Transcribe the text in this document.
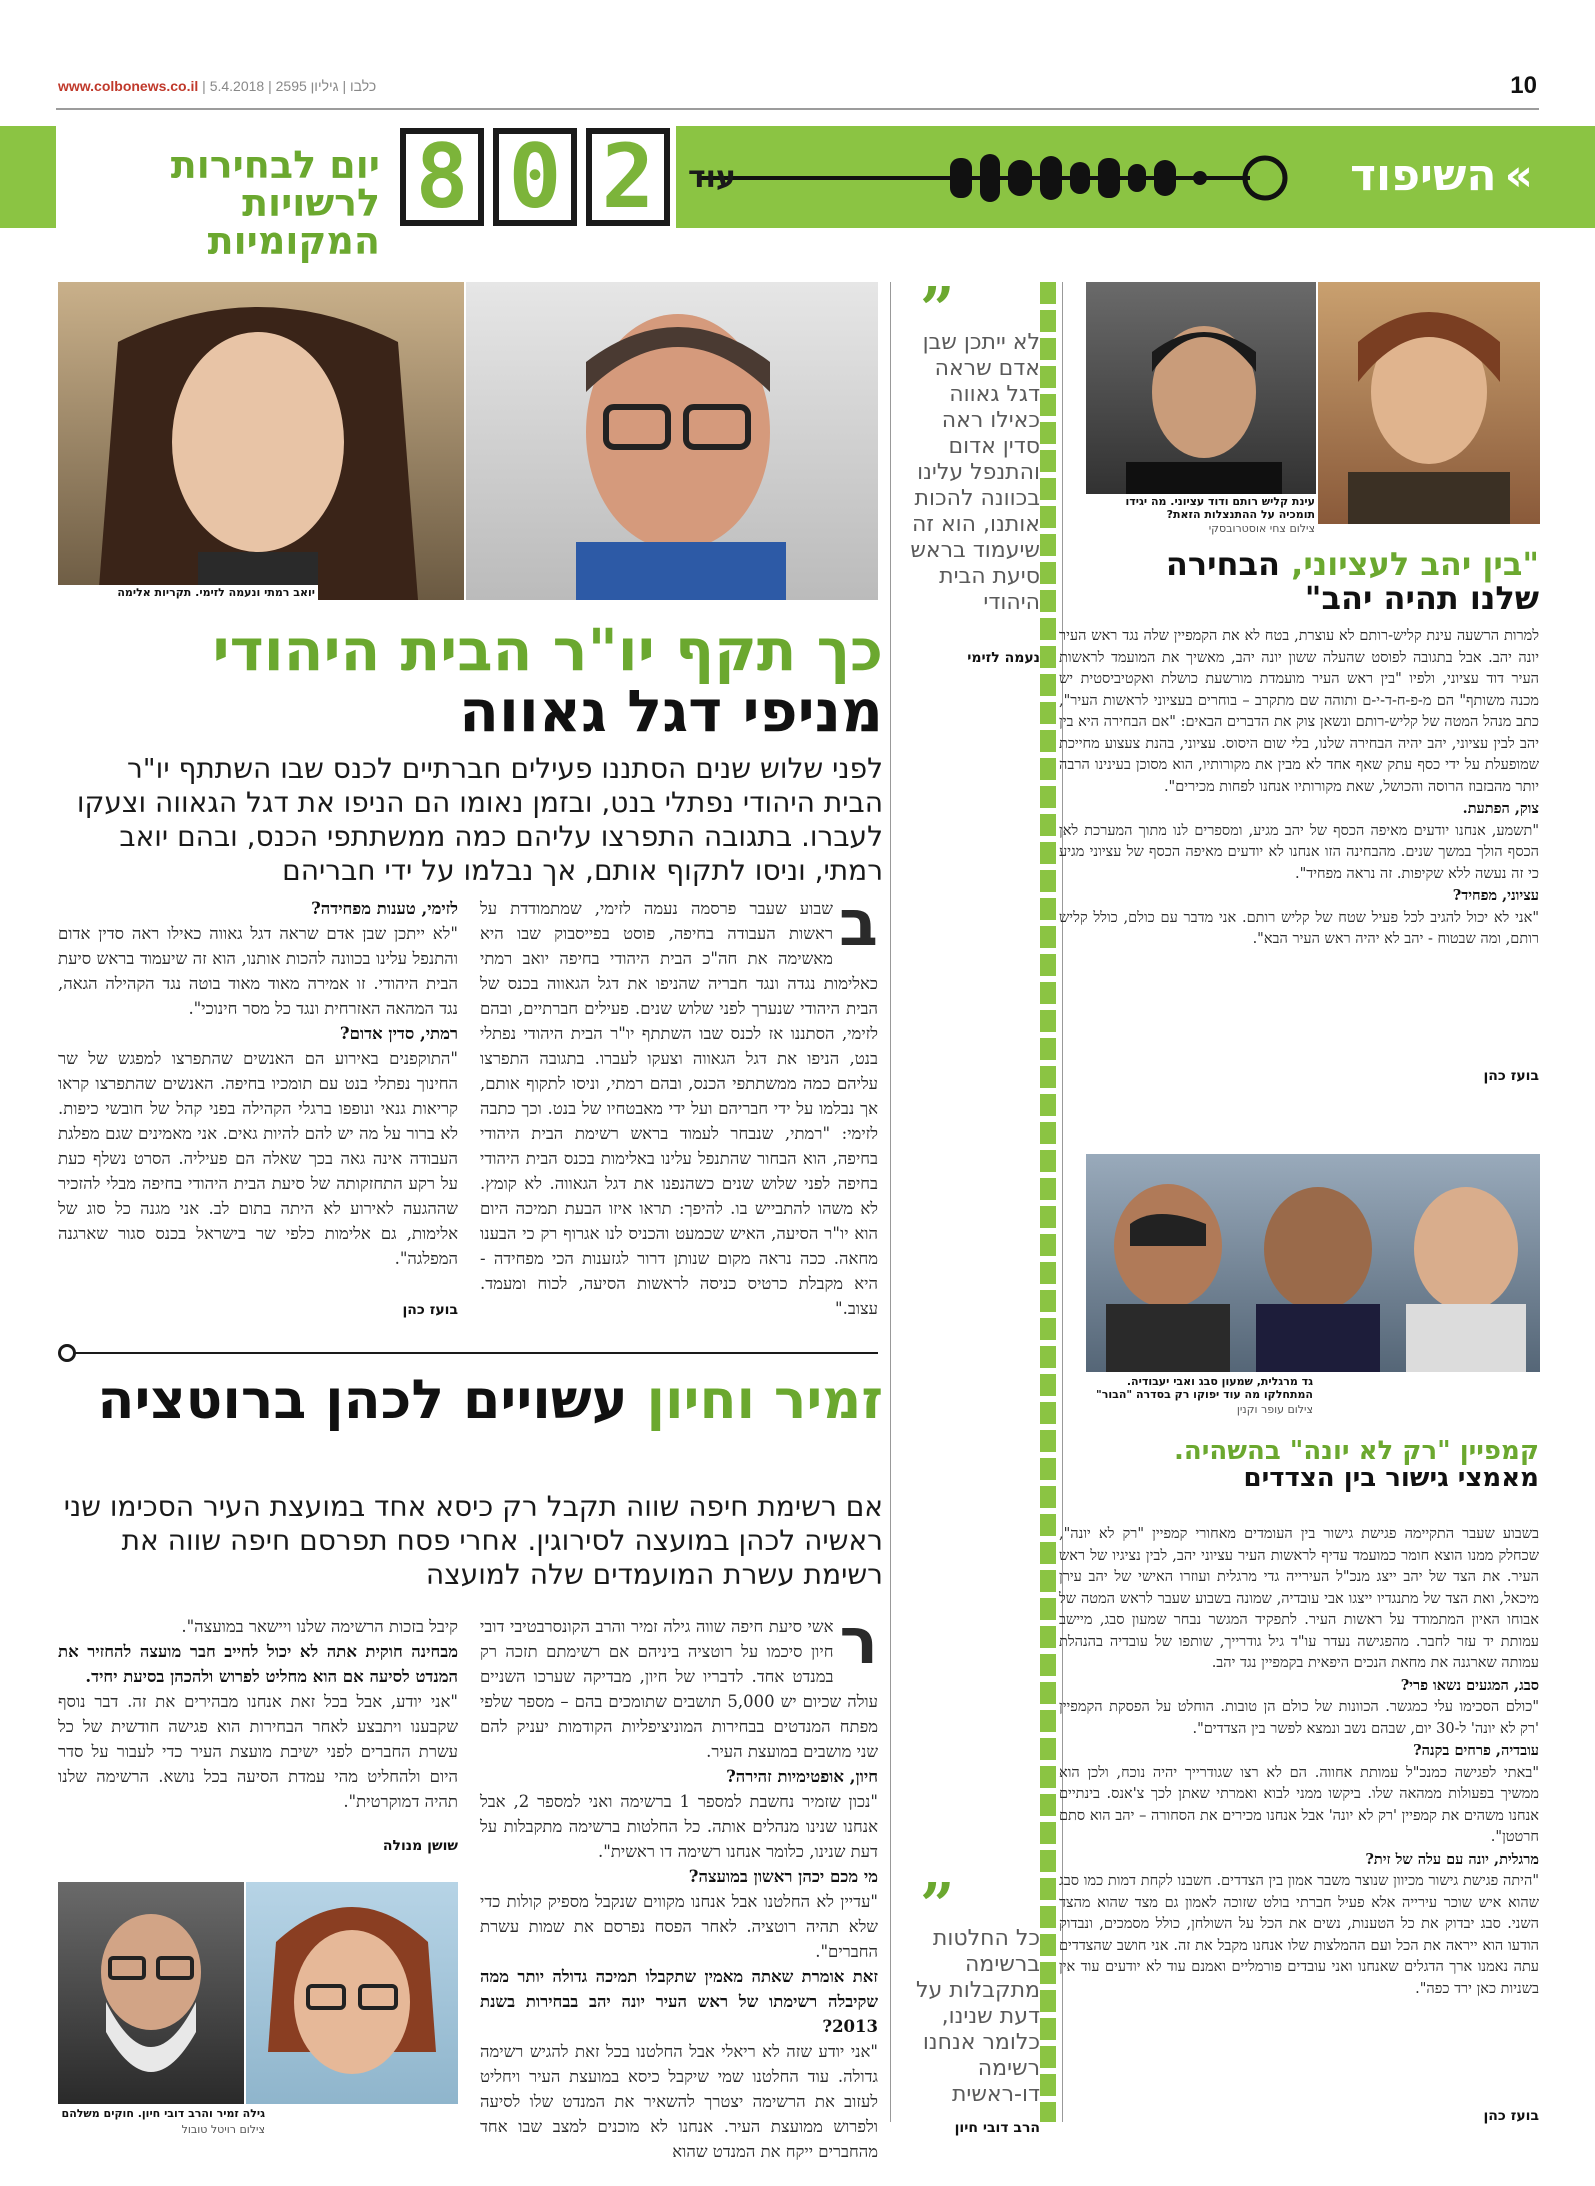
www.colbonews.co.il | כלבו | גיליון 2595 | 5.4.2018	10
»השיפוד
עוד
2
0
8
יום לבחירות
לרשויות המקומיות
עינת קליש רותם ודוד עציוני. מה יגידו תומכיה על ההתנצלות הזאת?
צילום צחי אוסטרובסקי
"בין יהב לעציוני, הבחירה
שלנו תהיה יהב"

למרות הרשעה עינת קליש-רותם לא עוצרת, בטח לא את הקמפיין שלה נגד ראש העיר יונה יהב. אבל בתגובה לפוסט שהעלה ששון יונה יהב, מאשיך את המועמד לראשות העיר דוד עציוני, ולפיו "בין ראש העיר מועמדת מורשעת כושלת ואקטיביסטית יש מכנה משותף" הם מ-פ-ח-ד-י-ם ותוהה שם מתקרב – בוחרים בעציוני לראשות העיר", כתב מנהל המטה של קליש-רותם ונשאן צוק את הדברים הבאים: "אם הבחירה היא בין יהב לבין עציוני, יהב יהיה הבחירה שלנו, בלי שום היסוס. עציוני, בהנת צעצוע מחייכת שמופעלת על ידי כסף עתק שאף אחד לא מבין את מקורותיו, הוא מסוכן בעינינו הרבה יותר מהבזבוז הרוסה והכושל, שאת מקורותיו אנחנו לפחות מכירים".

צוק, הפתעת.

"תשמע, אנחנו יודעים מאיפה הכסף של יהב מגיע, ומספרים לנו מתוך המערכת לאן הכסף הולך במשך שנים. מהבחינה הזו אנחנו לא יודעים מאיפה הכסף של עציוני מגיע כי זה נעשה ללא שקיפות. זה נראה מפחיד".

עציוני, מפחיד?

"אני לא יכול להגיב לכל פעיל שטח של קליש רותם. אני מדבר עם כולם, כולל קליש רותם, ומה שבטוח - יהב לא יהיה ראש העיר הבא".

בועז כהן
גד מרגלית, שמעון סבג ואבי יעבודיה. המתחלקו מה עוד יפוקו רק בסדרה "הבור"
צילום עופר וקנין
קמפיין "רק לא יונה" בהשהיה.
מאמצי גישור בין הצדדים

בשבוע שעבר התקיימה פגישת גישור בין העומדים מאחורי קמפיין "רק לא יונה", שכחלק ממנו הוצא חומר כמועמד עדיף לראשות העיר עציוני יהב, לבין נציגיו של ראש העיר. את הצד של יהב ייצג מנכ"ל העירייה גדי מרגלית ועוזרו האישי של יהב עירן מיכאל, ואת הצד של מתנגדיו ייצגו אבי עובדיה, שמונה בשבוע שעבר לראש המטה של אבוחו האיון המתמודד על ראשות העיר. לתפקיד המגשר נבחר שמעון סבג, מיישב עמותת יד עזר לחבר. מהפגישה נעדר עו"ד גיל גודרייך, שותפו של עובדיה בהנהלת עמותה שארגנה את מחאת הנכים היפאית בקמפיין נגד יהב.

סבג, המגעים נשאו פרי?

"כולם הסכימו עלי כמגשר. הכוונות של כולם הן טובות. הוחלט על הפסקת הקמפיין 'רק לא יונה' ל-30 יום, שבהם נשב ונמצא לפשר בין הצדדים".

עובדיה, פרחים בקנה?

"באתי לפגישה כמנכ"ל עמותת אחווה. הם לא רצו שגודרייך יהיה נוכח, ולכן הוא ממשיך בפעולות ממהאה שלו. ביקשו ממני לבוא ואמרתי שאתן לכך צ'אנס. בינתיים אנחנו משהים את קמפיין 'רק לא יונה' אבל אנחנו מכירים את הסחורה – יהב הוא סתם חרטטן".

מרגלית, יונה עם עלה של זית?

"היתה פגישת גישור מכיוון שנוצר משבר אמון בין הצדדים. חשבנו לקחת דמות כמו סבג שהוא איש שוכר עירייה אלא פעיל חברתי בולט שזוכה לאמון גם מצד שהוא מהצד השני. סבג יבדוק את כל הטענות, נשים את הכל על השולחן, כולל מסמכים, ונבדוק הודעו הוא ייראה את הכל ועם ההמלצות שלו אנחנו מקבל את זה. אני חושב שהצדדים עתה נאמנו ארך הדגלים שאנחנו ואני עובדים פורמליים ואמנם עוד לא יודעים עוד אין בשניות כאן ירד כפה".

בועז כהן
”
לא ייתכן שבן אדם שראה דגל גאווה כאילו ראה סדין אדום והתנפל עלינו בכוונה להכות אותנו, הוא זה שיעמוד בראש סיעת הבית היהודי
נעמה לזימי
יואב רמתי ונעמה לזימי. תקריות אלימה
כך תקף יו"ר הבית היהודי
מניפי דגל גאווה
לפני שלוש שנים הסתננו פעילים חברתיים לכנס שבו השתתף יו"ר הבית היהודי נפתלי בנט, ובזמן נאומו הם הניפו את דגל הגאווה וצעקו לעברו. בתגובה התפרצו עליהם כמה ממשתתפי הכנס, ובהם יואב רמתי, וניסו לתקוף אותם, אך נבלמו על ידי חבריהם
ב
שבוע שעבר פרסמה נעמה לזימי, שמתמודדת על ראשות העבודה בחיפה, פוסט בפייסבוק שבו היא מאשימה את חה"כ הבית היהודי בחיפה יואב רמתי כאלימות נגדה ונגד חבריה שהניפו את דגל הגאווה בכנס של הבית היהודי שנערך לפני שלוש שנים. פעילים חברתיים, ובהם לזימי, הסתננו אז לכנס שבו השתתף יו"ר הבית היהודי נפתלי בנט, הניפו את דגל הגאווה וצעקו לעברו. בתגובה התפרצו עליהם כמה ממשתתפי הכנס, ובהם רמתי, וניסו לתקוף אותם, אך נבלמו על ידי חבריהם ועל ידי מאבטחיו של בנט. וכך כתבה לזימי: "רמתי, שנבחר לעמוד בראש רשימת הבית היהודי בחיפה, הוא הבחור שהתנפל עלינו באלימות בכנס הבית היהודי בחיפה לפני שלוש שנים כשהנפנו את דגל הגאווה. לא קומץ. לא משהו להתבייש בו. להיפך: תראו איזו הבעת תמיכה היום הוא יו"ר הסיעה, האיש שכמעט והכניס לנו אגרוף רק כי הבענו מחאה. ככה נראה מקום שנותן דרור לגזענות הכי מפחידה - היא מקבלת כרטיס כניסה לראשות הסיעה, לכוח ומעמד. עצוב."

לזימי, טענות מפחידה?

"לא ייתכן שבן אדם שראה דגל גאווה כאילו ראה סדין אדום והתנפל עלינו בכוונה להכות אותנו, הוא זה שיעמוד בראש סיעת הבית היהודי. זו אמירה מאוד מאוד בוטה נגד הקהילה הגאה, נגד המהאה האזרחית ונגד כל מסר חינוכי".

רמתי, סדין אדום?

"התוקפנים באירוע הם האנשים שהתפרצו למפגש של שר החינוך נפתלי בנט עם תומכיו בחיפה. האנשים שהתפרצו קראו קריאות גנאי ונופפו ברגלי הקהילה בפני קהל של חובשי כיפות. לא ברור על מה יש להם להיות גאים. אני מאמינים שגם מפלגת העבודה אינה גאה בכך שאלה הם פעיליה. הסרט נשלף כעת על רקע התחזקותה של סיעת הבית היהודי בחיפה מבלי להזכיר שההגעה לאירוע לא היתה בתום לב. אני מגנה כל סוג של אלימות, גם אלימות כלפי שר בישראל בכנס סגור שארגנה המפלגה".

בועז כהן
זמיר וחיון עשויים לכהן ברוטציה
אם רשימת חיפה שווה תקבל רק כיסא אחד במועצת העיר הסכימו שני ראשיה לכהן במועצה לסירוגין. אחרי פסח תפרסם חיפה שווה את רשימת עשרת המועמדים שלה למועצה
ר
אשי סיעת חיפה שווה גילה זמיר והרב הקונסרבטיבי דובי חיון סיכמו על רוטציה ביניהם אם רשימתם תזכה רק במנדט אחד. לדבריו של חיון, מבדיקה שערכו השניים עולה שכיום יש 5,000 תושבים שתומכים בהם – מספר שלפי מפתח המנדטים בבחירות המוניציפליות הקודמות יעניק להם שני מושבים במועצת העיר.

חיון, אופטימיות זהירה?

"נכון שזמיר נחשבת למספר 1 ברשימה ואני למספר 2, אבל אנחנו שנינו מנהלים אותה. כל החלטות ברשימה מתקבלות על דעת שנינו, כלומר אנחנו רשימה דו ראשית".

מי מכם יכהן ראשון במועצה?

"עדיין לא החלטנו אבל אנחנו מקווים שנקבל מספיק קולות כדי שלא תהיה רוטציה. לאחר הפסח נפרסם את שמות עשרת החברים".

זאת אומרת שאתה מאמין שתקבלו תמיכה גדולה יותר ממה שקיבלה רשימתו של ראש העיר יונה יהב בבחירות בשנת 2013?

"אני יודע שזה לא ריאלי אבל החלטנו בכל זאת להגיש רשימה גדולה. עוד החלטנו שמי שיקבל כיסא במועצת העיר ויחליט לעזוב את הרשימה יצטרך להשאיר את המנדט שלו לסיעה ולפרוש ממועצת העיר. אנחנו לא מוכנים למצב שבו אחד מהחברים ייקח את המנדט שהוא

קיבל בזכות הרשימה שלנו ויישאר במועצה".

מבחינה חוקית אתה לא יכול לחייב חבר מועצה להחזיר את המנדט לסיעה אם הוא מחליט לפרוש ולהכהן בסיעת יחיד.

"אני יודע, אבל בכל זאת אנחנו מבהירים את זה. דבר נוסף שקבענו ויתבצע לאחר הבחירות הוא פגישה חודשית של כל עשרת החברים לפני ישיבת מועצת העיר כדי לעבור על סדר היום ולהחליט מהי עמדת הסיעה בכל נושא. הרשימה שלנו תהיה דמוקרטית".

שושן מנולה
גילה זמיר והרב דובי חיון. חוקים משלהם
צילום רויטל טובול
”
כל החלטות ברשימה מתקבלות על דעת שנינו, כלומר אנחנו רשימה דו-ראשית
הרב דובי חיון
